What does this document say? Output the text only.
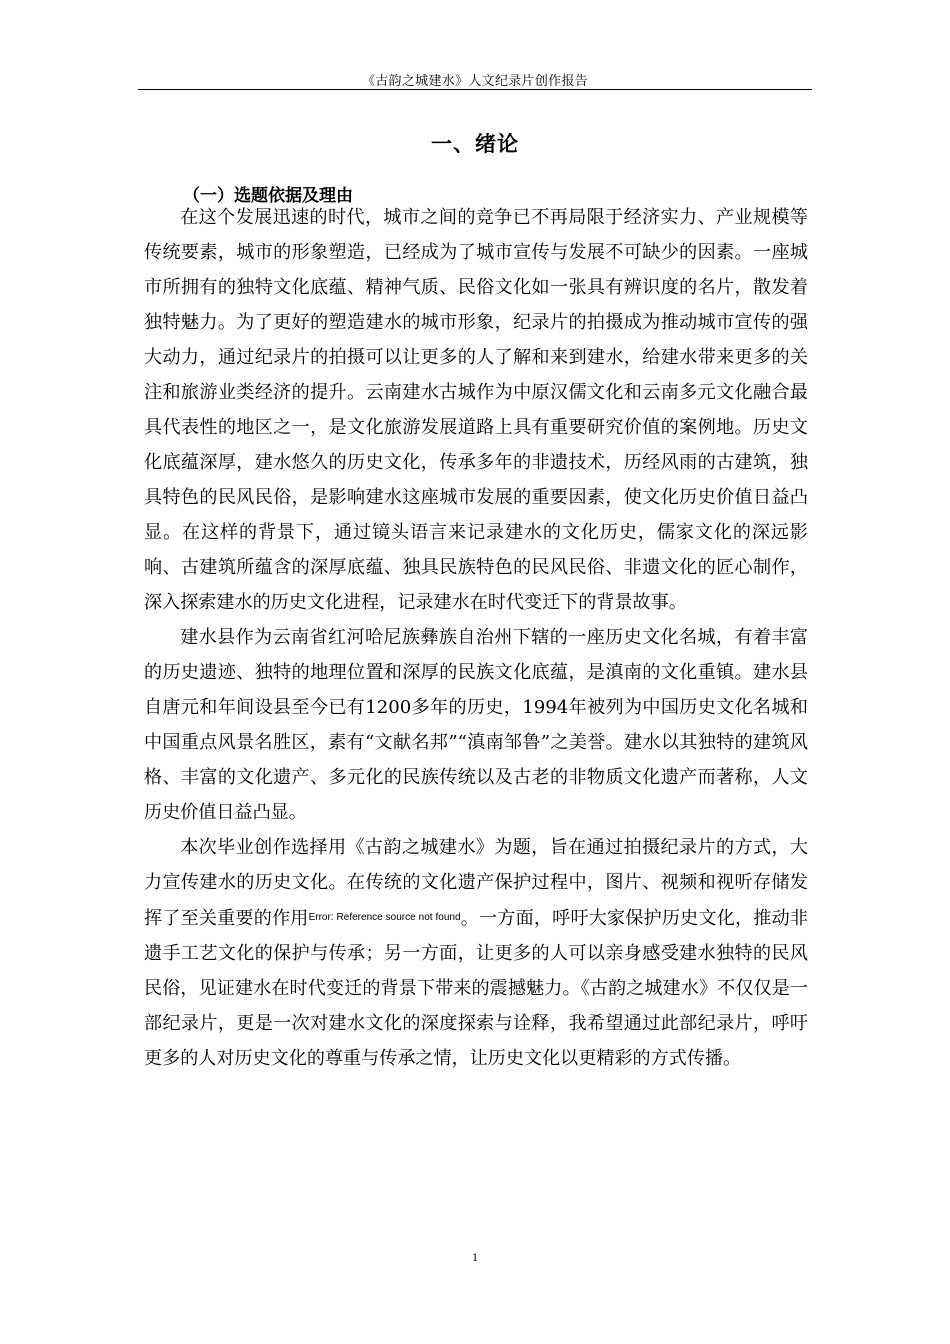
《古韵之城建水》人文纪录片创作报告
一、绪论
（一）选题依据及理由

在这个发展迅速的时代，城市之间的竞争已不再局限于经济实力、产业规模等传统要素，城市的形象塑造，已经成为了城市宣传与发展不可缺少的因素。一座城市所拥有的独特文化底蕴、精神气质、民俗文化如一张具有辨识度的名片，散发着独特魅力。为了更好的塑造建水的城市形象，纪录片的拍摄成为推动城市宣传的强大动力，通过纪录片的拍摄可以让更多的人了解和来到建水，给建水带来更多的关注和旅游业类经济的提升。云南建水古城作为中原汉儒文化和云南多元文化融合最具代表性的地区之一，是文化旅游发展道路上具有重要研究价值的案例地。历史文化底蕴深厚，建水悠久的历史文化，传承多年的非遗技术，历经风雨的古建筑，独具特色的民风民俗，是影响建水这座城市发展的重要因素，使文化历史价值日益凸显。在这样的背景下，通过镜头语言来记录建水的文化历史，儒家文化的深远影响、古建筑所蕴含的深厚底蕴、独具民族特色的民风民俗、非遗文化的匠心制作，深入探索建水的历史文化进程，记录建水在时代变迁下的背景故事。

建水县作为云南省红河哈尼族彝族自治州下辖的一座历史文化名城，有着丰富的历史遗迹、独特的地理位置和深厚的民族文化底蕴，是滇南的文化重镇。建水县自唐元和年间设县至今已有1200多年的历史，1994年被列为中国历史文化名城和中国重点风景名胜区，素有“文献名邦”“滇南邹鲁”之美誉。建水以其独特的建筑风格、丰富的文化遗产、多元化的民族传统以及古老的非物质文化遗产而著称，人文历史价值日益凸显。

本次毕业创作选择用《古韵之城建水》为题，旨在通过拍摄纪录片的方式，大力宣传建水的历史文化。在传统的文化遗产保护过程中，图片、视频和视听存储发挥了至关重要的作用$^{Error: Reference source not found}$。一方面，呼吁大家保护历史文化，推动非遗手工艺文化的保护与传承；另一方面，让更多的人可以亲身感受建水独特的民风民俗，见证建水在时代变迁的背景下带来的震撼魅力。《古韵之城建水》不仅仅是一部纪录片，更是一次对建水文化的深度探索与诠释，我希望通过此部纪录片，呼吁更多的人对历史文化的尊重与传承之情，让历史文化以更精彩的方式传播。

1
